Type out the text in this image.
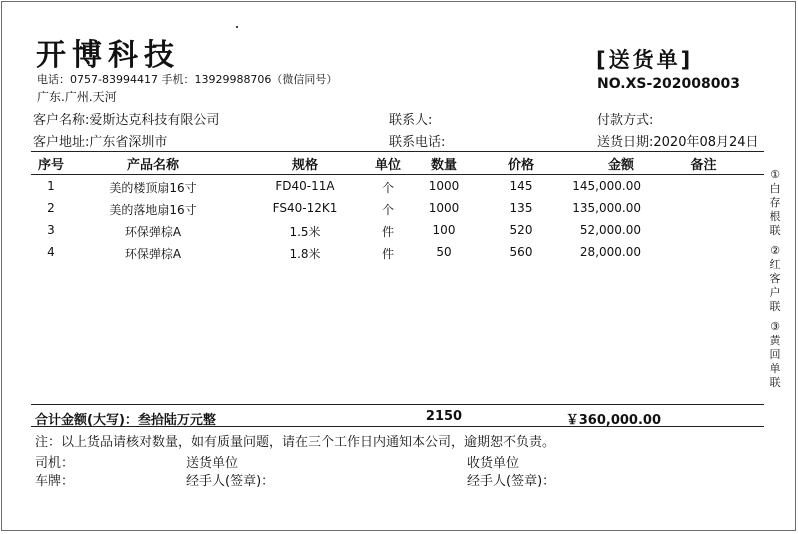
开博科技
电话：0757-83994417 手机：13929988706（微信同号）
广东.广州.天河
[送货单]
NO.XS-202008003
客户名称:爱斯达克科技有限公司
客户地址:广东省深圳市
联系人:
联系电话:
付款方式:
送货日期:2020年08月24日
序号	产品名称	规格	单位	数量	价格	金额	备注
1	美的楼顶扇16寸	FD40-11A	个	1000	145	145,000.00
2	美的落地扇16寸	FS40-12K1	个	1000	135	135,000.00
3	环保弹棕A	1.5米	件	100	520	52,000.00
4	环保弹棕A	1.8米	件	50	560	28,000.00
①白存根联
②红客户联
③黄回单联
合计金额(大写)：叁拾陆万元整	2150	￥360,000.00
注：以上货品请核对数量，如有质量问题，请在三个工作日内通知本公司，逾期恕不负责。
司机：
车牌：
送货单位
经手人(签章)：
收货单位
经手人(签章)：
